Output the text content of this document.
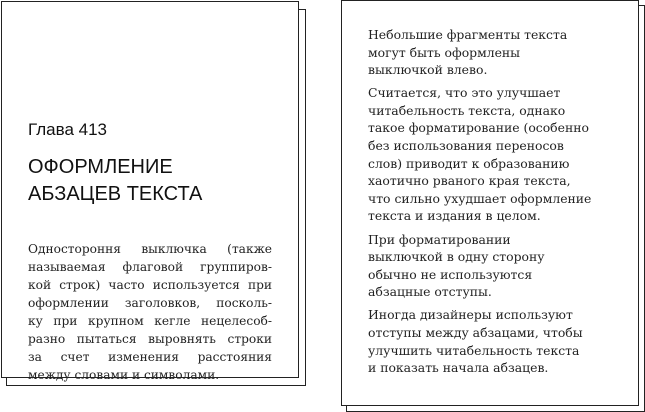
Глава 413
ОФОРМЛЕНИЕ
АБЗАЦЕВ ТЕКСТА
Одностороння выключка (также
называемая флаговой группиров-
кой строк) часто используется при
оформлении заголовков, посколь-
ку при крупном кегле нецелесоб-
разно пытаться выровнять строки
за счет изменения расстояния
между словами и символами.

Небольшие фрагменты текста
могут быть оформлены
выключкой влево.

Считается, что это улучшает
читабельность текста, однако
такое форматирование (особенно
без использования переносов
слов) приводит к образованию
хаотично рваного края текста,
что сильно ухудшает оформление
текста и издания в целом.

При форматировании
выключкой в одну сторону
обычно не используются
абзацные отступы.

Иногда дизайнеры используют
отступы между абзацами, чтобы
улучшить читабельность текста
и показать начала абзацев.
